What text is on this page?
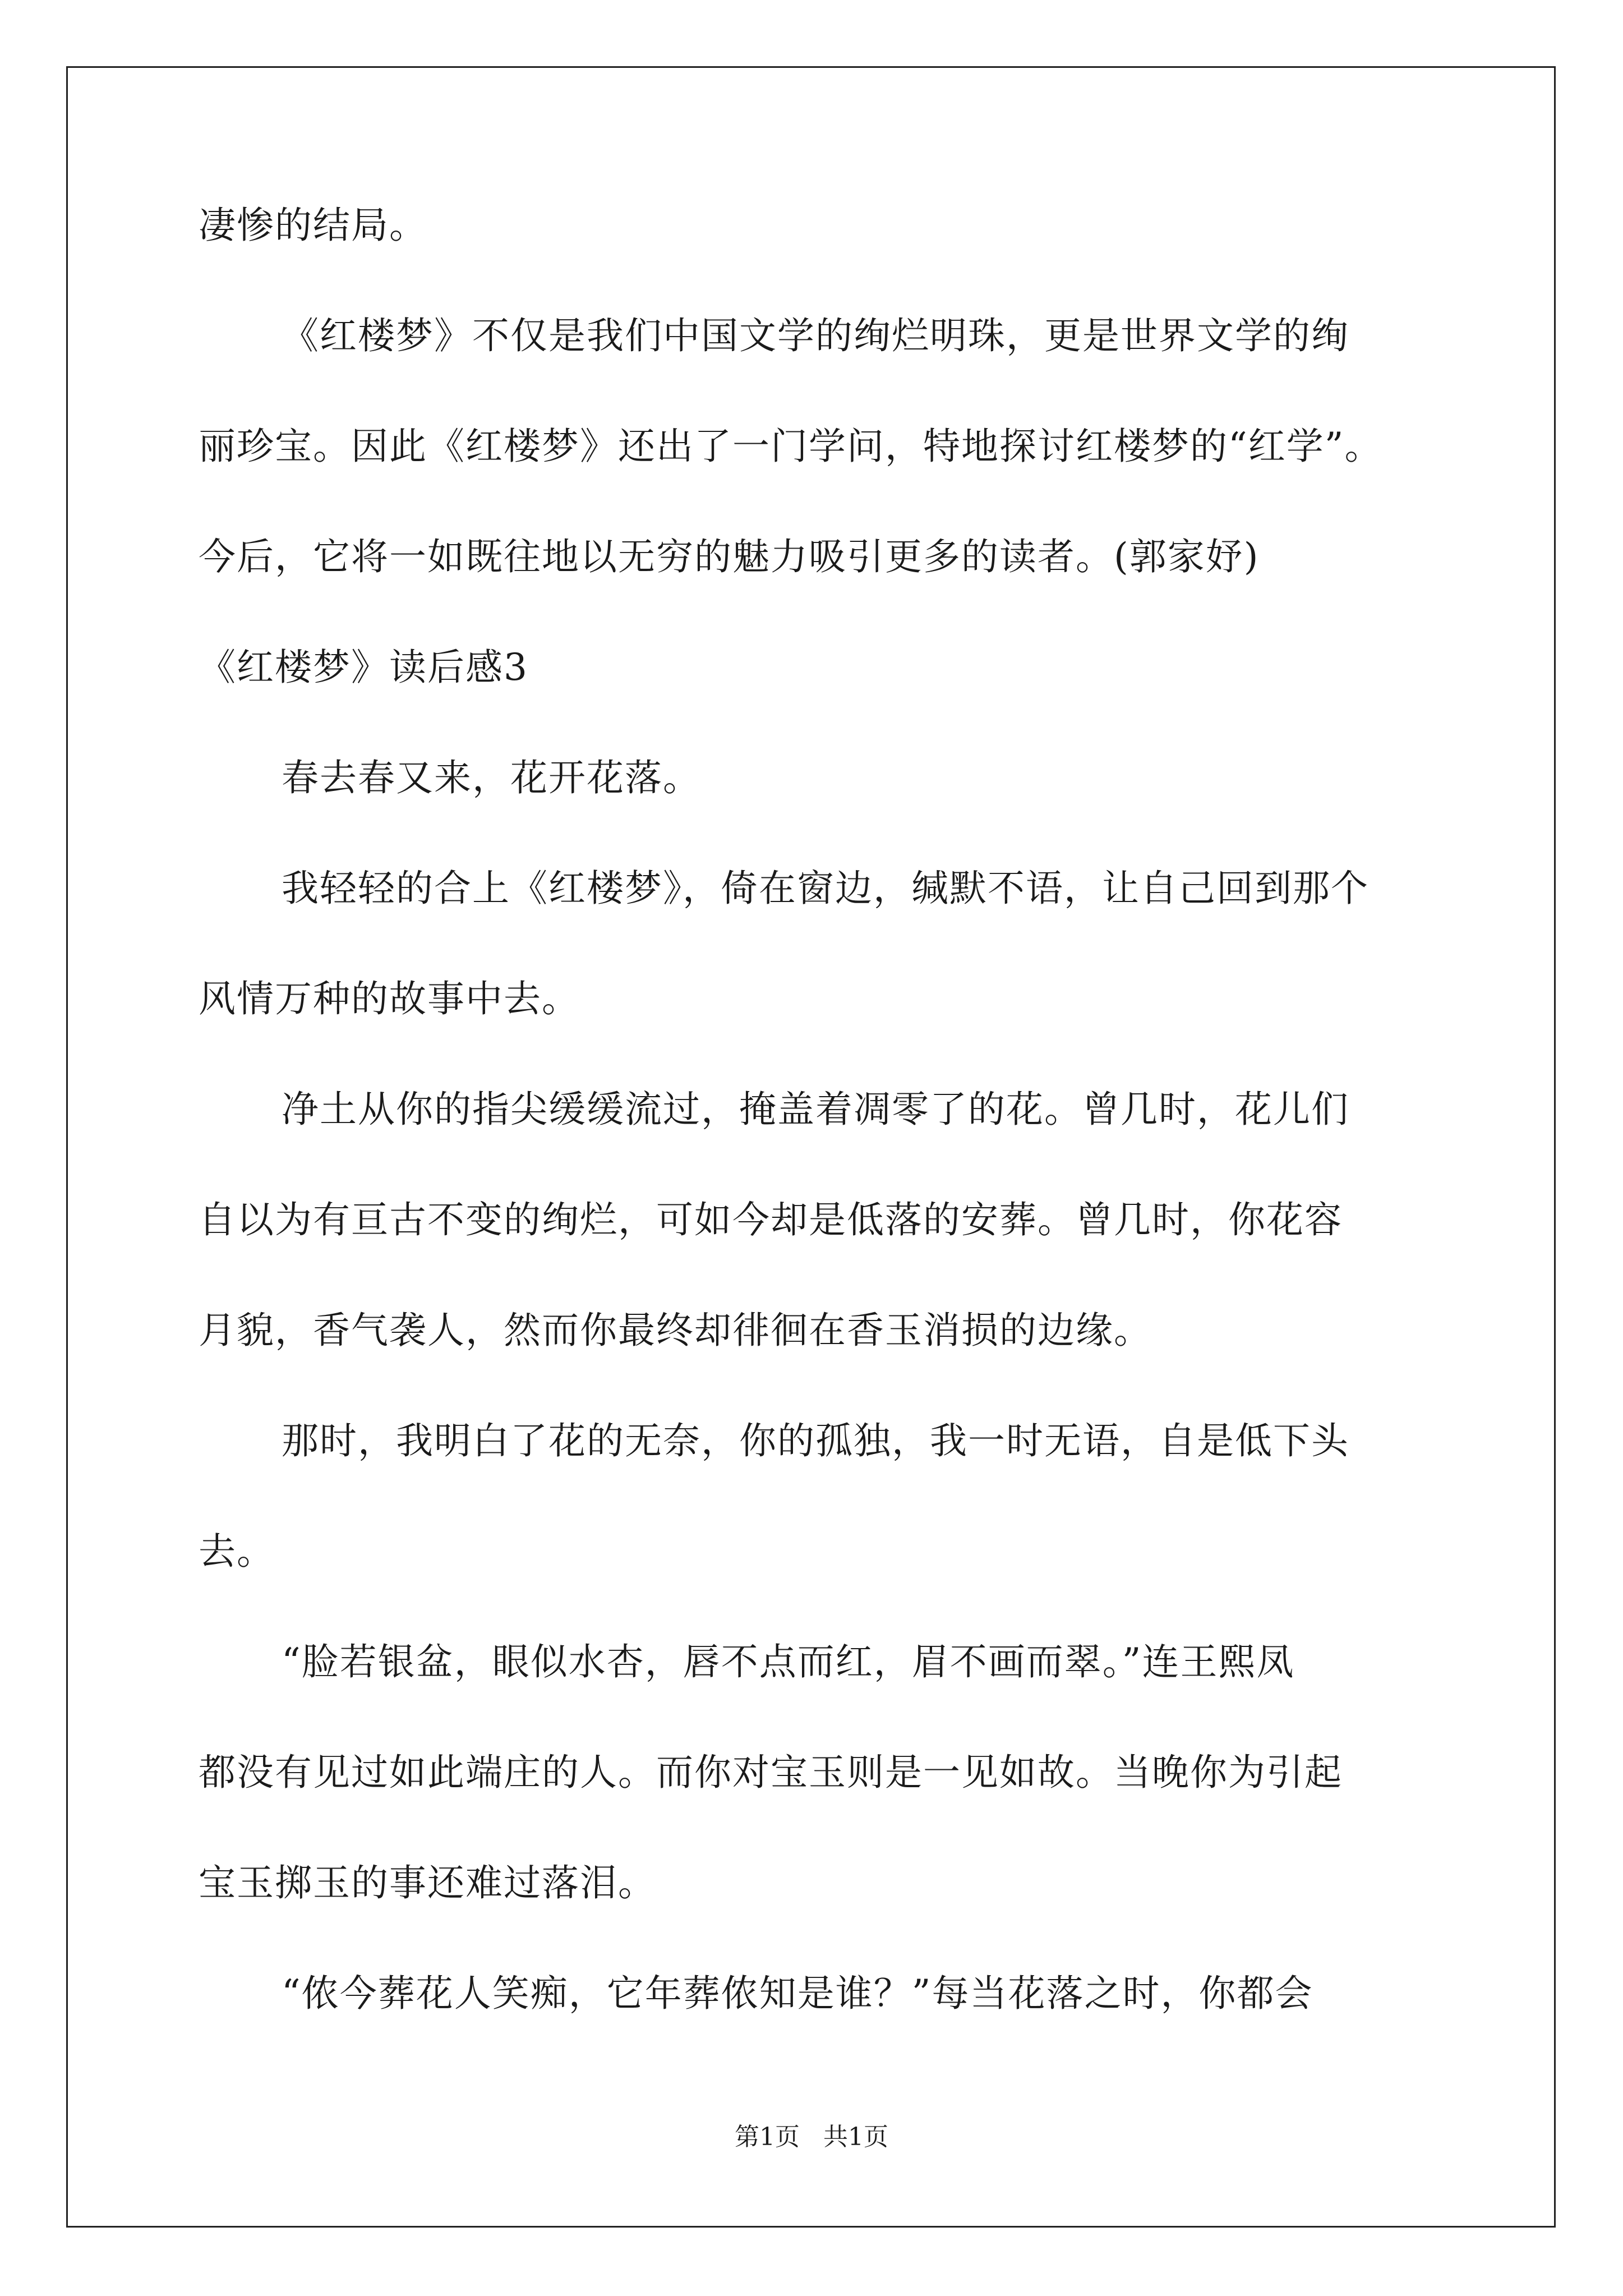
凄惨的结局。
《红楼梦》不仅是我们中国文学的绚烂明珠，更是世界文学的绚
丽珍宝。因此《红楼梦》还出了一门学问，特地探讨红楼梦的“红学”。
今后，它将一如既往地以无穷的魅力吸引更多的读者。(郭家妤)
《红楼梦》读后感3
春去春又来，花开花落。
我轻轻的合上《红楼梦》，倚在窗边，缄默不语，让自己回到那个
风情万种的故事中去。
净土从你的指尖缓缓流过，掩盖着凋零了的花。曾几时，花儿们
自以为有亘古不变的绚烂，可如今却是低落的安葬。曾几时，你花容
月貌，香气袭人，然而你最终却徘徊在香玉消损的边缘。
那时，我明白了花的无奈，你的孤独，我一时无语，自是低下头
去。
“脸若银盆，眼似水杏，唇不点而红，眉不画而翠。”连王熙凤
都没有见过如此端庄的人。而你对宝玉则是一见如故。当晚你为引起
宝玉掷玉的事还难过落泪。
“侬今葬花人笑痴，它年葬侬知是谁？”每当花落之时，你都会
第1页   共1页
